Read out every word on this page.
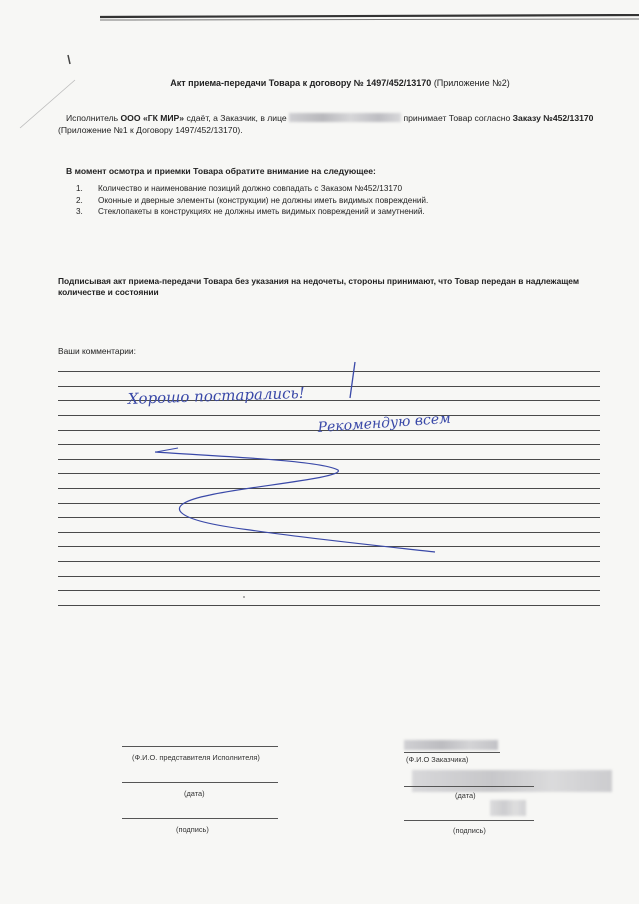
Акт приема-передачи Товара к договору № 1497/452/13170 (Приложение №2)
Исполнитель ООО «ГК МИР» сдаёт, а Заказчик, в лице	принимает Товар согласно Заказу №452/13170
(Приложение №1 к Договору 1497/452/13170).
В момент осмотра и приемки Товара обратите внимание на следующее:
1.	Количество и наименование позиций должно совпадать с Заказом №452/13170
2.	Оконные и дверные элементы (конструкции) не должны иметь видимых повреждений.
3.	Стеклопакеты в конструкциях не должны иметь видимых повреждений и замутнений.
Подписывая акт приема-передачи Товара без указания на недочеты, стороны принимают, что Товар передан в надлежащем количестве и состоянии
Ваши комментарии:
Хорошо постарались!
Рекомендую всем
(Ф.И.О. представителя Исполнителя)
(дата)
(подпись)
(Ф.И.О Заказчика)
(дата)
(подпись)
